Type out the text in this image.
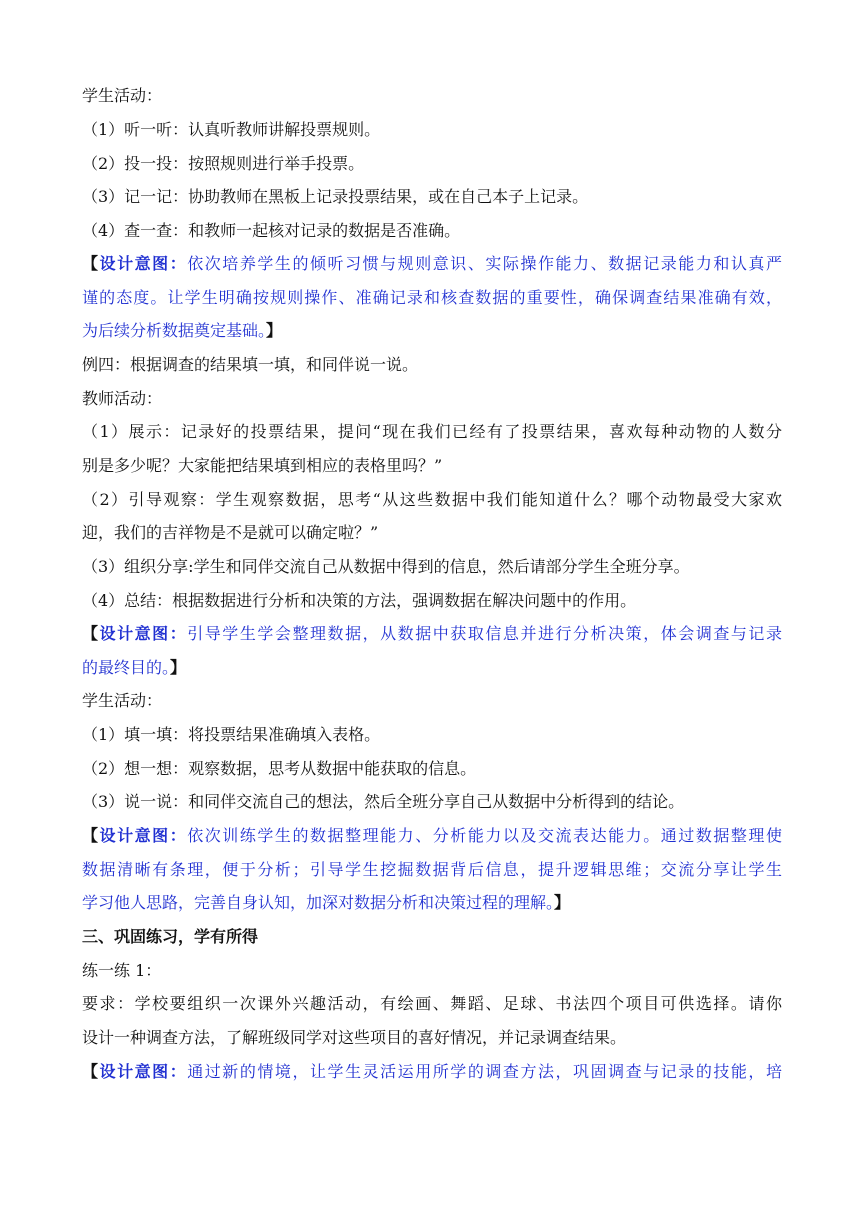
学生活动：
（1）听一听：认真听教师讲解投票规则。
（2）投一投：按照规则进行举手投票。
（3）记一记：协助教师在黑板上记录投票结果，或在自己本子上记录。
（4）查一查：和教师一起核对记录的数据是否准确。
【设计意图：依次培养学生的倾听习惯与规则意识、实际操作能力、数据记录能力和认真严
谨的态度。让学生明确按规则操作、准确记录和核查数据的重要性，确保调查结果准确有效，
为后续分析数据奠定基础。】
例四：根据调查的结果填一填，和同伴说一说。
教师活动：
（1）展示：记录好的投票结果，提问“现在我们已经有了投票结果，喜欢每种动物的人数分
别是多少呢？大家能把结果填到相应的表格里吗？”
（2）引导观察：学生观察数据，思考“从这些数据中我们能知道什么？哪个动物最受大家欢
迎，我们的吉祥物是不是就可以确定啦？”
（3）组织分享:学生和同伴交流自己从数据中得到的信息，然后请部分学生全班分享。
（4）总结：根据数据进行分析和决策的方法，强调数据在解决问题中的作用。
【设计意图：引导学生学会整理数据，从数据中获取信息并进行分析决策，体会调查与记录
的最终目的。】
学生活动：
（1）填一填：将投票结果准确填入表格。
（2）想一想：观察数据，思考从数据中能获取的信息。
（3）说一说：和同伴交流自己的想法，然后全班分享自己从数据中分析得到的结论。
【设计意图：依次训练学生的数据整理能力、分析能力以及交流表达能力。通过数据整理使
数据清晰有条理，便于分析；引导学生挖掘数据背后信息，提升逻辑思维；交流分享让学生
学习他人思路，完善自身认知，加深对数据分析和决策过程的理解。】
三、巩固练习，学有所得
练一练 1：
要求：学校要组织一次课外兴趣活动，有绘画、舞蹈、足球、书法四个项目可供选择。请你
设计一种调查方法，了解班级同学对这些项目的喜好情况，并记录调查结果。
【设计意图：通过新的情境，让学生灵活运用所学的调查方法，巩固调查与记录的技能，培
